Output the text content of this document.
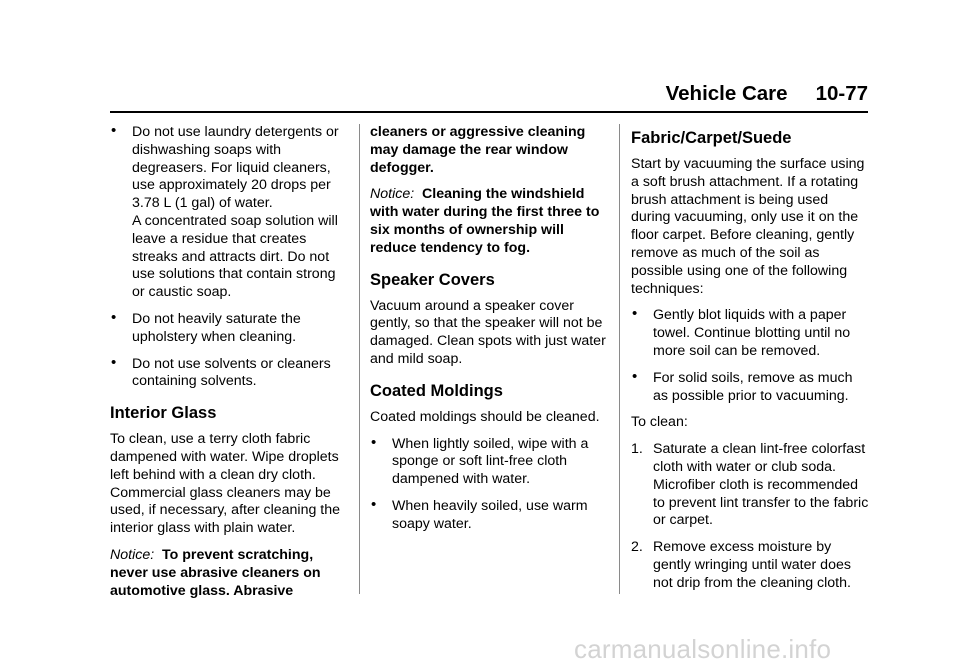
Vehicle Care 10-77
• Do not use laundry detergents or dishwashing soaps with degreasers. For liquid cleaners, use approximately 20 drops per 3.78 L (1 gal) of water.
A concentrated soap solution will leave a residue that creates streaks and attracts dirt. Do not use solutions that contain strong or caustic soap.
• Do not heavily saturate the upholstery when cleaning.
• Do not use solvents or cleaners containing solvents.
Interior Glass

To clean, use a terry cloth fabric dampened with water. Wipe droplets left behind with a clean dry cloth. Commercial glass cleaners may be used, if necessary, after cleaning the interior glass with plain water.

Notice: To prevent scratching, never use abrasive cleaners on automotive glass. Abrasive

cleaners or aggressive cleaning may damage the rear window defogger.

Notice: Cleaning the windshield with water during the first three to six months of ownership will reduce tendency to fog.

Speaker Covers

Vacuum around a speaker cover gently, so that the speaker will not be damaged. Clean spots with just water and mild soap.

Coated Moldings

Coated moldings should be cleaned.

• When lightly soiled, wipe with a sponge or soft lint-free cloth dampened with water.
• When heavily soiled, use warm soapy water.
Fabric/Carpet/Suede

Start by vacuuming the surface using a soft brush attachment. If a rotating brush attachment is being used during vacuuming, only use it on the floor carpet. Before cleaning, gently remove as much of the soil as possible using one of the following techniques:

• Gently blot liquids with a paper towel. Continue blotting until no more soil can be removed.
• For solid soils, remove as much as possible prior to vacuuming.

To clean:

1. Saturate a clean lint-free colorfast cloth with water or club soda. Microfiber cloth is recommended to prevent lint transfer to the fabric or carpet.
2. Remove excess moisture by gently wringing until water does not drip from the cleaning cloth.
carmanualsonline.info
